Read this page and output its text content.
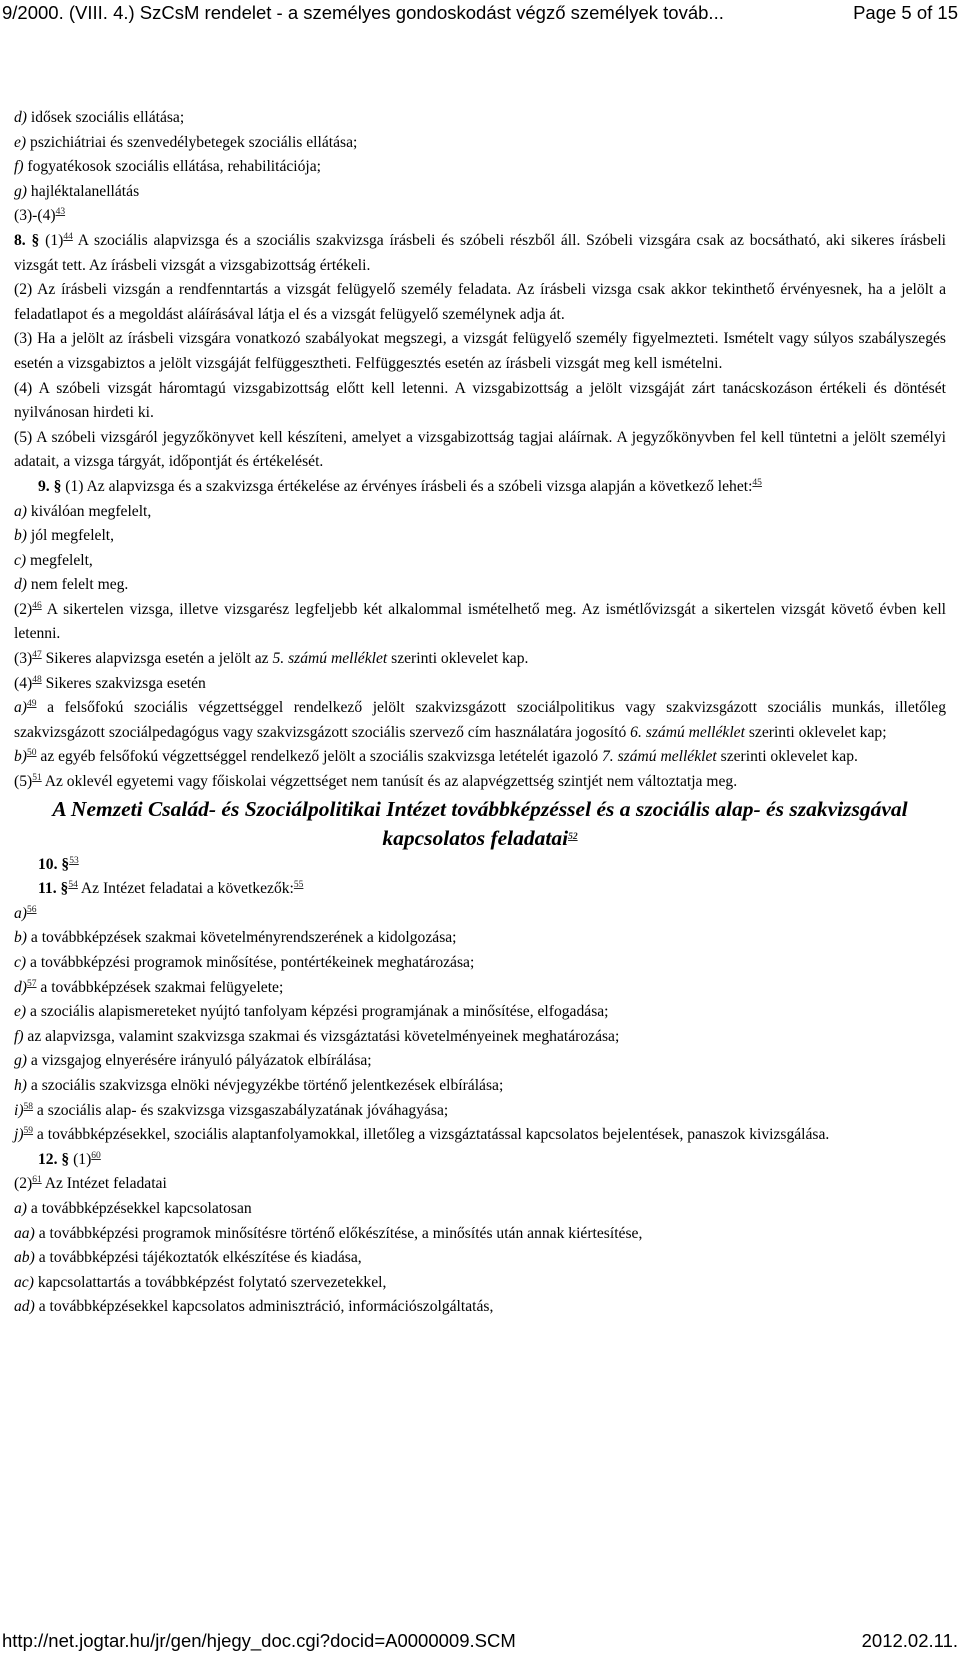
9/2000. (VIII. 4.) SzCsM rendelet - a személyes gondoskodást végző személyek továb...	Page 5 of 15

d) idősek szociális ellátása;

e) pszichiátriai és szenvedélybetegek szociális ellátása;

f) fogyatékosok szociális ellátása, rehabilitációja;

g) hajléktalanellátás

(3)-(4)$^{43}$

8. § (1)$^{44}$ A szociális alapvizsga és a szociális szakvizsga írásbeli és szóbeli részből áll. Szóbeli vizsgára csak az bocsátható, aki sikeres írásbeli vizsgát tett. Az írásbeli vizsgát a vizsgabizottság értékeli.

(2) Az írásbeli vizsgán a rendfenntartás a vizsgát felügyelő személy feladata. Az írásbeli vizsga csak akkor tekinthető érvényesnek, ha a jelölt a feladatlapot és a megoldást aláírásával látja el és a vizsgát felügyelő személynek adja át.

(3) Ha a jelölt az írásbeli vizsgára vonatkozó szabályokat megszegi, a vizsgát felügyelő személy figyelmezteti. Ismételt vagy súlyos szabályszegés esetén a vizsgabiztos a jelölt vizsgáját felfüggesztheti. Felfüggesztés esetén az írásbeli vizsgát meg kell ismételni.

(4) A szóbeli vizsgát háromtagú vizsgabizottság előtt kell letenni. A vizsgabizottság a jelölt vizsgáját zárt tanácskozáson értékeli és döntését nyilvánosan hirdeti ki.

(5) A szóbeli vizsgáról jegyzőkönyvet kell készíteni, amelyet a vizsgabizottság tagjai aláírnak. A jegyzőkönyvben fel kell tüntetni a jelölt személyi adatait, a vizsga tárgyát, időpontját és értékelését.

9. § (1) Az alapvizsga és a szakvizsga értékelése az érvényes írásbeli és a szóbeli vizsga alapján a következő lehet:$^{45}$

a) kiválóan megfelelt,

b) jól megfelelt,

c) megfelelt,

d) nem felelt meg.

(2)$^{46}$ A sikertelen vizsga, illetve vizsgarész legfeljebb két alkalommal ismételhető meg. Az ismétlővizsgát a sikertelen vizsgát követő évben kell letenni.

(3)$^{47}$ Sikeres alapvizsga esetén a jelölt az 5. számú melléklet szerinti oklevelet kap.

(4)$^{48}$ Sikeres szakvizsga esetén

a)$^{49}$ a felsőfokú szociális végzettséggel rendelkező jelölt szakvizsgázott szociálpolitikus vagy szakvizsgázott szociális munkás, illetőleg szakvizsgázott szociálpedagógus vagy szakvizsgázott szociális szervező cím használatára jogosító 6. számú melléklet szerinti oklevelet kap;

b)$^{50}$ az egyéb felsőfokú végzettséggel rendelkező jelölt a szociális szakvizsga letételét igazoló 7. számú melléklet szerinti oklevelet kap.

(5)$^{51}$ Az oklevél egyetemi vagy főiskolai végzettséget nem tanúsít és az alapvégzettség szintjét nem változtatja meg.

A Nemzeti Család- és Szociálpolitikai Intézet továbbképzéssel és a szociális alap- és szakvizsgával kapcsolatos feladatai$^{52}$

10. §$^{53}$

11. §$^{54}$ Az Intézet feladatai a következők:$^{55}$

a)$^{56}$

b) a továbbképzések szakmai követelményrendszerének a kidolgozása;

c) a továbbképzési programok minősítése, pontértékeinek meghatározása;

d)$^{57}$ a továbbképzések szakmai felügyelete;

e) a szociális alapismereteket nyújtó tanfolyam képzési programjának a minősítése, elfogadása;

f) az alapvizsga, valamint szakvizsga szakmai és vizsgáztatási követelményeinek meghatározása;

g) a vizsgajog elnyerésére irányuló pályázatok elbírálása;

h) a szociális szakvizsga elnöki névjegyzékbe történő jelentkezések elbírálása;

i)$^{58}$ a szociális alap- és szakvizsga vizsgaszabályzatának jóváhagyása;

j)$^{59}$ a továbbképzésekkel, szociális alaptanfolyamokkal, illetőleg a vizsgáztatással kapcsolatos bejelentések, panaszok kivizsgálása.

12. § (1)$^{60}$

(2)$^{61}$ Az Intézet feladatai

a) a továbbképzésekkel kapcsolatosan

aa) a továbbképzési programok minősítésre történő előkészítése, a minősítés után annak kiértesítése,

ab) a továbbképzési tájékoztatók elkészítése és kiadása,

ac) kapcsolattartás a továbbképzést folytató szervezetekkel,

ad) a továbbképzésekkel kapcsolatos adminisztráció, információszolgáltatás,

http://net.jogtar.hu/jr/gen/hjegy_doc.cgi?docid=A0000009.SCM	2012.02.11.
